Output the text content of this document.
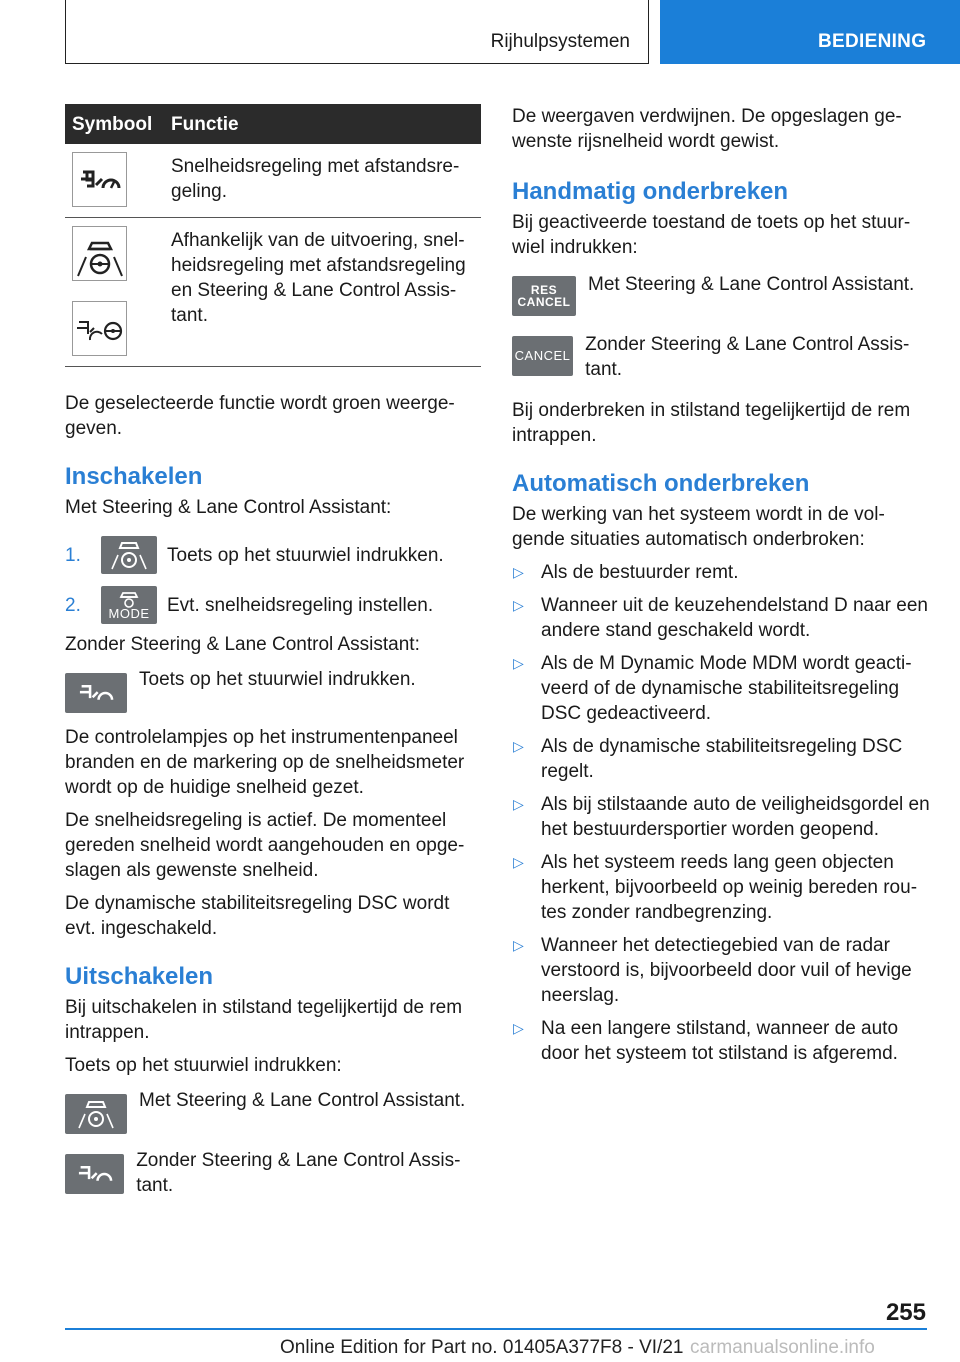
Rijhulpsystemen	BEDIENING
Symbool	Functie

	Snelheidsregeling met afstandsre-geling.

	Afhankelijk van de uitvoering, snel-heidsregeling met afstandsregeling en Steering & Lane Control Assis-tant.

De geselecteerde functie wordt groen weerge-geven.

Inschakelen

Met Steering & Lane Control Assistant:

1.	Toets op het stuurwiel indrukken.
2.	MODE Evt. snelheidsregeling instellen.

Zonder Steering & Lane Control Assistant:

Toets op het stuurwiel indrukken.

De controlelampjes op het instrumentenpaneel branden en de markering op de snelheidsmeter wordt op de huidige snelheid gezet.

De snelheidsregeling is actief. De momenteel gereden snelheid wordt aangehouden en opge-slagen als gewenste snelheid.

De dynamische stabiliteitsregeling DSC wordt evt. ingeschakeld.

Uitschakelen

Bij uitschakelen in stilstand tegelijkertijd de rem intrappen.

Toets op het stuurwiel indrukken:

Met Steering & Lane Control Assistant.
Zonder Steering & Lane Control Assis-tant.

De weergaven verdwijnen. De opgeslagen ge-wenste rijsnelheid wordt gewist.

Handmatig onderbreken

Bij geactiveerde toestand de toets op het stuur-wiel indrukken:

RES
CANCEL
Met Steering & Lane Control Assistant.
CANCEL
Zonder Steering & Lane Control Assis-tant.

Bij onderbreken in stilstand tegelijkertijd de rem intrappen.

Automatisch onderbreken

De werking van het systeem wordt in de vol-gende situaties automatisch onderbroken:

▷ Als de bestuurder remt.
▷ Wanneer uit de keuzehendelstand D naar een andere stand geschakeld wordt.
▷ Als de M Dynamic Mode MDM wordt geacti-veerd of de dynamische stabiliteitsregeling DSC gedeactiveerd.
▷ Als de dynamische stabiliteitsregeling DSC regelt.
▷ Als bij stilstaande auto de veiligheidsgordel en het bestuurdersportier worden geopend.
▷ Als het systeem reeds lang geen objecten herkent, bijvoorbeeld op weinig bereden rou-tes zonder randbegrenzing.
▷ Wanneer het detectiegebied van de radar verstoord is, bijvoorbeeld door vuil of hevige neerslag.
▷ Na een langere stilstand, wanneer de auto door het systeem tot stilstand is afgeremd.
255
Online Edition for Part no. 01405A377F8 - VI/21 carmanualsonline.info
